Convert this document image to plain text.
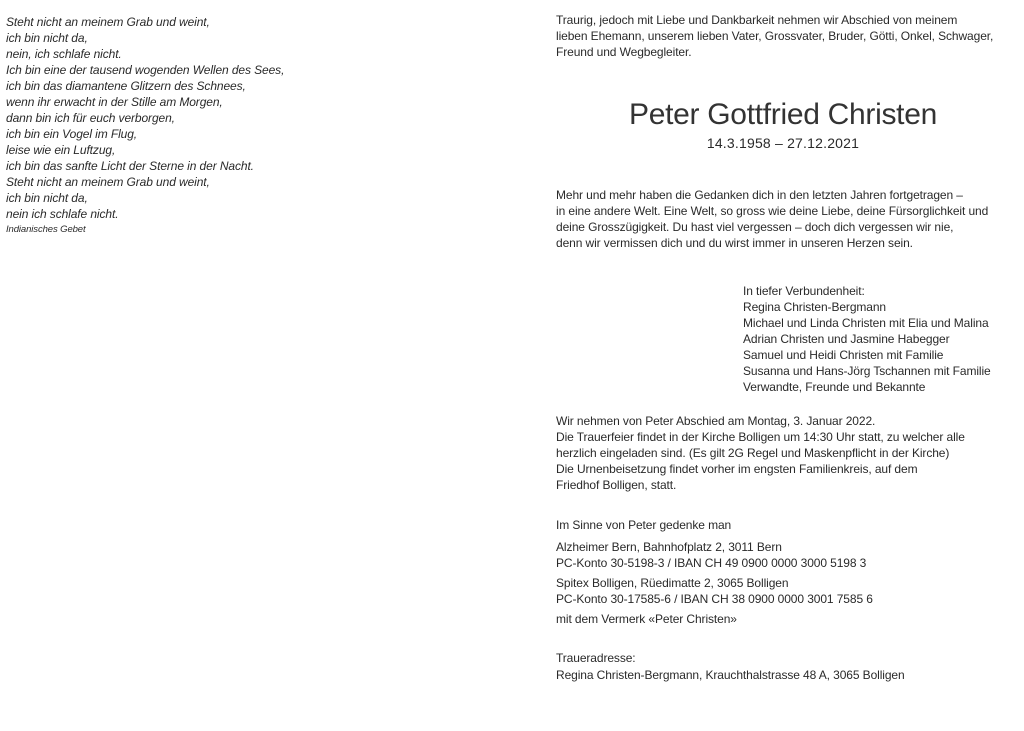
Steht nicht an meinem Grab und weint,
ich bin nicht da,
nein, ich schlafe nicht.
Ich bin eine der tausend wogenden Wellen des Sees,
ich bin das diamantene Glitzern des Schnees,
wenn ihr erwacht in der Stille am Morgen,
dann bin ich für euch verborgen,
ich bin ein Vogel im Flug,
leise wie ein Luftzug,
ich bin das sanfte Licht der Sterne in der Nacht.
Steht nicht an meinem Grab und weint,
ich bin nicht da,
nein ich schlafe nicht.
Indianisches Gebet
Traurig, jedoch mit Liebe und Dankbarkeit nehmen wir Abschied von meinem
lieben Ehemann, unserem lieben Vater, Grossvater, Bruder, Götti, Onkel, Schwager,
Freund und Wegbegleiter.
Peter Gottfried Christen
14.3.1958 – 27.12.2021
Mehr und mehr haben die Gedanken dich in den letzten Jahren fortgetragen –
in eine andere Welt. Eine Welt, so gross wie deine Liebe, deine Fürsorglichkeit und
deine Grosszügigkeit. Du hast viel vergessen – doch dich vergessen wir nie,
denn wir vermissen dich und du wirst immer in unseren Herzen sein.
In tiefer Verbundenheit:
Regina Christen-Bergmann
Michael und Linda Christen mit Elia und Malina
Adrian Christen und Jasmine Habegger
Samuel und Heidi Christen mit Familie
Susanna und Hans-Jörg Tschannen mit Familie
Verwandte, Freunde und Bekannte
Wir nehmen von Peter Abschied am Montag, 3. Januar 2022.
Die Trauerfeier findet in der Kirche Bolligen um 14:30 Uhr statt, zu welcher alle
herzlich eingeladen sind. (Es gilt 2G Regel und Maskenpflicht in der Kirche)
Die Urnenbeisetzung findet vorher im engsten Familienkreis, auf dem
Friedhof Bolligen, statt.
Im Sinne von Peter gedenke man
Alzheimer Bern, Bahnhofplatz 2, 3011 Bern
PC-Konto 30-5198-3 / IBAN CH 49 0900 0000 3000 5198 3
Spitex Bolligen, Rüedimatte 2, 3065 Bolligen
PC-Konto 30-17585-6 / IBAN CH 38 0900 0000 3001 7585 6
mit dem Vermerk «Peter Christen»
Traueradresse:
Regina Christen-Bergmann, Krauchthalstrasse 48 A, 3065 Bolligen
